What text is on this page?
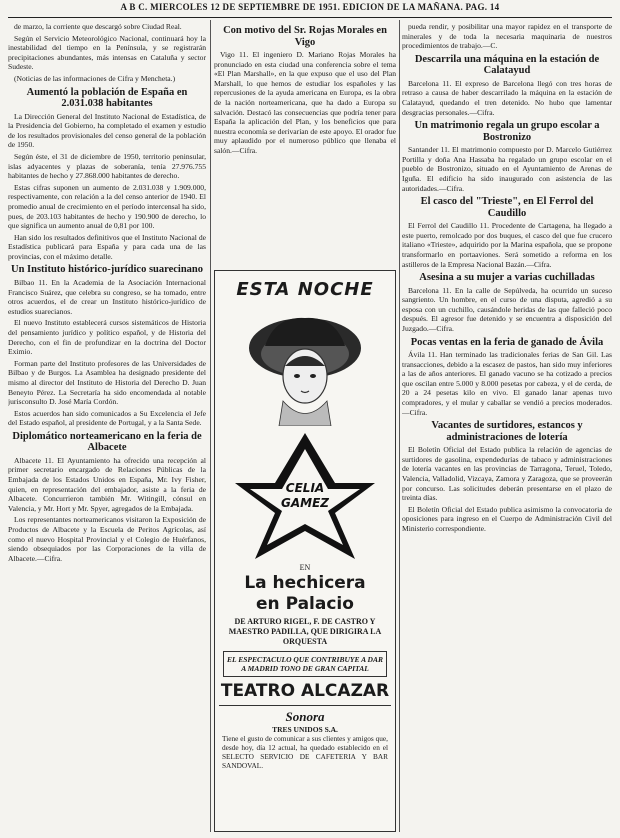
A B C. MIERCOLES 12 DE SEPTIEMBRE DE 1951. EDICION DE LA MAÑANA. PAG. 14

de marzo, la corriente que descargó sobre Ciudad Real.

Según el Servicio Meteorológico Nacional, continuará hoy la inestabilidad del tiempo en la Península, y se registrarán precipitaciones abundantes, más intensas en Cataluña y sector Sudeste.

(Noticias de las informaciones de Cifra y Mencheta.)

Aumentó la población de España en 2.031.038 habitantes

La Dirección General del Instituto Nacional de Estadística, de la Presidencia del Gobierno, ha completado el examen y estudio de los resultados provisionales del censo general de la población de 1950.

Según éste, el 31 de diciembre de 1950, territorio peninsular, islas adyacentes y plazas de soberanía, tenía 27.976.755 habitantes de hecho y 27.868.000 habitantes de derecho.

Estas cifras suponen un aumento de 2.031.038 y 1.909.000, respectivamente, con relación a la del censo anterior de 1940. El promedio anual de crecimiento en el período intercensal ha sido, pues, de 203.103 habitantes de hecho y 190.900 de derecho, lo que significa un aumento anual de 0,81 por 100.

Han sido los resultados definitivos que el Instituto Nacional de Estadística publicará para España y para cada una de las provincias, con el máximo detalle.

Un Instituto histórico-jurídico suarecinano

Bilbao 11. En la Academia de la Asociación Internacional Francisco Suárez, que celebra su congreso, se ha tomado, entre otros acuerdos, el de crear un Instituto histórico-jurídico de estudios suarecianos.

El nuevo Instituto establecerá cursos sistemáticos de Historia del pensamiento jurídico y político español, y de Historia del Derecho, con el fin de profundizar en la doctrina del Doctor Eximio.

Forman parte del Instituto profesores de las Universidades de Bilbao y de Burgos. La Asamblea ha designado presidente del mismo al director del Instituto de Historia del Derecho D. Juan Beneyto Pérez. La Secretaría ha sido encomendada al notable jurisconsulto D. José María Cordón.

Estos acuerdos han sido comunicados a Su Excelencia el Jefe del Estado español, al presidente de Portugal, y a la Santa Sede.

Diplomático norteamericano en la feria de Albacete

Albacete 11. El Ayuntamiento ha ofrecido una recepción al primer secretario encargado de Relaciones Públicas de la Embajada de los Estados Unidos en España, Mr. Ivy Fisher, quien, en representación del embajador, asiste a la feria de Albacete. Concurrieron también Mr. Witingill, cónsul en Valencia, y Mr. Hort y Mr. Spyer, agregados de la Embajada.

Los representantes norteamericanos visitaron la Exposición de Productos de Albacete y la Escuela de Peritos Agrícolas, así como el nuevo Hospital Provincial y el Colegio de Huérfanos, siendo obsequiados por las Corporaciones de la villa de Albacete.—Cifra.

Con motivo del Sr. Rojas Morales en Vigo

Vigo 11. El ingeniero D. Mariano Rojas Morales ha pronunciado en esta ciudad una conferencia sobre el tema «El Plan Marshall», en la que expuso que el uso del Plan Marshall, lo que hemos de estudiar los españoles y las repercusiones de la ayuda americana en Europa, es la obra de la nación norteamericana, que ha dado a Europa su salvación. Destacó las consecuencias que podría tener para España la aplicación del Plan, y los beneficios que para nuestra economía se derivarían de este apoyo. El orador fue muy aplaudido por el numeroso público que llenaba el salón.—Cifra.

ESTA NOCHE
CELIA
GAMEZ
EN
La hechicera
en Palacio
DE ARTURO RIGEL, F. DE CASTRO Y MAESTRO PADILLA, QUE DIRIGIRA LA ORQUESTA
EL ESPECTACULO QUE CONTRIBUYE A DAR A MADRID TONO DE GRAN CAPITAL
TEATRO ALCAZAR
Sonora
TRES UNIDOS S.A.
Tiene el gusto de comunicar a sus clientes y amigos que, desde hoy, día 12 actual, ha quedado establecido en el SELECTO SERVICIO DE CAFETERIA Y BAR SANDOVAL.

pueda rendir, y posibilitar una mayor rapidez en el transporte de minerales y de toda la necesaria maquinaria de nuestros procedimientos de trabajo.—C.

Descarrila una máquina en la estación de Calatayud

Barcelona 11. El expreso de Barcelona llegó con tres horas de retraso a causa de haber descarrilado la máquina en la estación de Calatayud, quedando el tren detenido. No hubo que lamentar desgracias personales.—Cifra.

Un matrimonio regala un grupo escolar a Bostronizo

Santander 11. El matrimonio compuesto por D. Marcelo Gutiérrez Portilla y doña Ana Hassaba ha regalado un grupo escolar en el pueblo de Bostronizo, situado en el Ayuntamiento de Arenas de Iguña. El edificio ha sido inaugurado con asistencia de las autoridades.—Cifra.

El casco del "Trieste", en El Ferrol del Caudillo

El Ferrol del Caudillo 11. Procedente de Cartagena, ha llegado a este puerto, remolcado por dos buques, el casco del que fue crucero italiano «Trieste», adquirido por la Marina española, que se propone transformarlo en portaaviones. Será sometido a reforma en los astilleros de la Empresa Nacional Bazán.—Cifra.

Asesina a su mujer a varias cuchilladas

Barcelona 11. En la calle de Sepúlveda, ha ocurrido un suceso sangriento. Un hombre, en el curso de una disputa, agredió a su esposa con un cuchillo, causándole heridas de las que falleció poco después. El agresor fue detenido y se encuentra a disposición del Juzgado.—Cifra.

Pocas ventas en la feria de ganado de Ávila

Ávila 11. Han terminado las tradicionales ferias de San Gil. Las transacciones, debido a la escasez de pastos, han sido muy inferiores a las de años anteriores. El ganado vacuno se ha cotizado a precios que oscilan entre 5.000 y 8.000 pesetas por cabeza, y el de cerda, de 20 a 24 pesetas kilo en vivo. El ganado lanar apenas tuvo compradores, y el mular y caballar se vendió a precios moderados.—Cifra.

Vacantes de surtidores, estancos y administraciones de lotería

El Boletín Oficial del Estado publica la relación de agencias de surtidores de gasolina, expendedurías de tabaco y administraciones de lotería vacantes en las provincias de Tarragona, Teruel, Toledo, Valencia, Valladolid, Vizcaya, Zamora y Zaragoza, que se proveerán por concurso. Las solicitudes deberán presentarse en el plazo de treinta días.

El Boletín Oficial del Estado publica asimismo la convocatoria de oposiciones para ingreso en el Cuerpo de Administración Civil del Ministerio correspondiente.
